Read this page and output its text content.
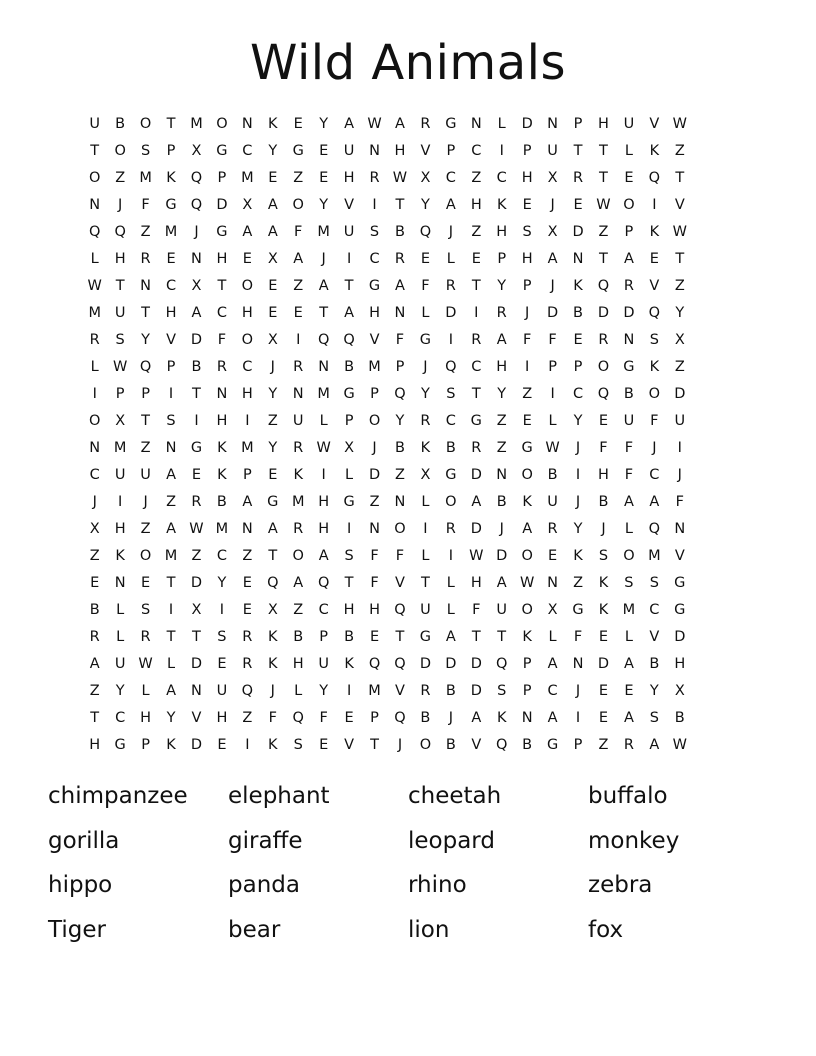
Wild Animals
U	B	O	T	M O N	K	E	Y	A W A	R	G N	L	D N	P	H	U	V W
T	O	S	P	X	G	C	Y	G	E	U	N	H	V	P	C	I	P	U	T	T	L	K	Z
O	Z M K	Q	P	M	E	Z	E	H	R W X	C	Z	C	H	X	R	T	E	Q	T
N	J	F	G Q D	X	A	O	Y	V	I	T	Y	A	H	K	E	J	E W O	I	V
Q Q	Z M	J	G	A	A	F	M U	S	B	Q	J	Z	H	S	X	D	Z	P	K W
L	H	R	E	N	H	E	X	A	J	I	C	R	E	L	E	P	H	A	N	T	A	E	T
W T	N	C	X	T	O	E	Z	A	T	G	A	F	R	T	Y	P	J	K	Q	R	V	Z
M U	T	H	A	C	H	E	E	T	A	H	N	L	D	I	R	J	D	B	D D Q	Y
R	S	Y	V	D	F	O	X	I	Q Q	V	F	G	I	R	A	F	F	E	R	N	S	X
L W Q	P	B	R	C	J	R	N	B M	P	J	Q	C	H	I	P	P	O G	K	Z
I	P	P	I	T	N	H	Y	N M G	P	Q	Y	S	T	Y	Z	I	C	Q	B	O D
O	X	T	S	I	H	I	Z	U	L	P	O	Y	R	C	G	Z	E	L	Y	E	U	F	U
N M Z	N G	K M	Y	R W X	J	B	K	B	R	Z	G W	J	F	F	J	I
C	U	U	A	E	K	P	E	K	I	L	D	Z	X	G D N O	B	I	H	F	C	J
J	I	J	Z	R	B	A	G M H G	Z	N	L	O	A	B	K	U	J	B	A	A	F
X	H	Z	A W M N	A	R	H	I	N O	I	R	D	J	A	R	Y	J	L	Q N
Z	K	O M Z	C	Z	T	O	A	S	F	F	L	I	W D O	E	K	S	O M V
E	N	E	T	D	Y	E	Q	A	Q	T	F	V	T	L	H	A W N	Z	K	S	S	G
B	L	S	I	X	I	E	X	Z	C	H	H Q U	L	F	U O	X	G	K M C	G
R	L	R	T	T	S	R	K	B	P	B	E	T	G	A	T	T	K	L	F	E	L	V	D
A	U W L	D	E	R	K	H	U	K	Q Q D D D Q	P	A	N D	A	B	H
Z	Y	L	A	N	U Q	J	L	Y	I	M V	R	B	D	S	P	C	J	E	E	Y	X
T	C	H	Y	V	H	Z	F	Q	F	E	P	Q	B	J	A	K	N	A	I	E	A	S	B
H G	P	K	D	E	I	K	S	E	V	T	J	O	B	V	Q	B	G	P	Z	R	A W
chimpanzee	elephant	cheetah	buffalo
gorilla	giraffe	leopard	monkey
hippo	panda	rhino	zebra
Tiger	bear	lion	fox
